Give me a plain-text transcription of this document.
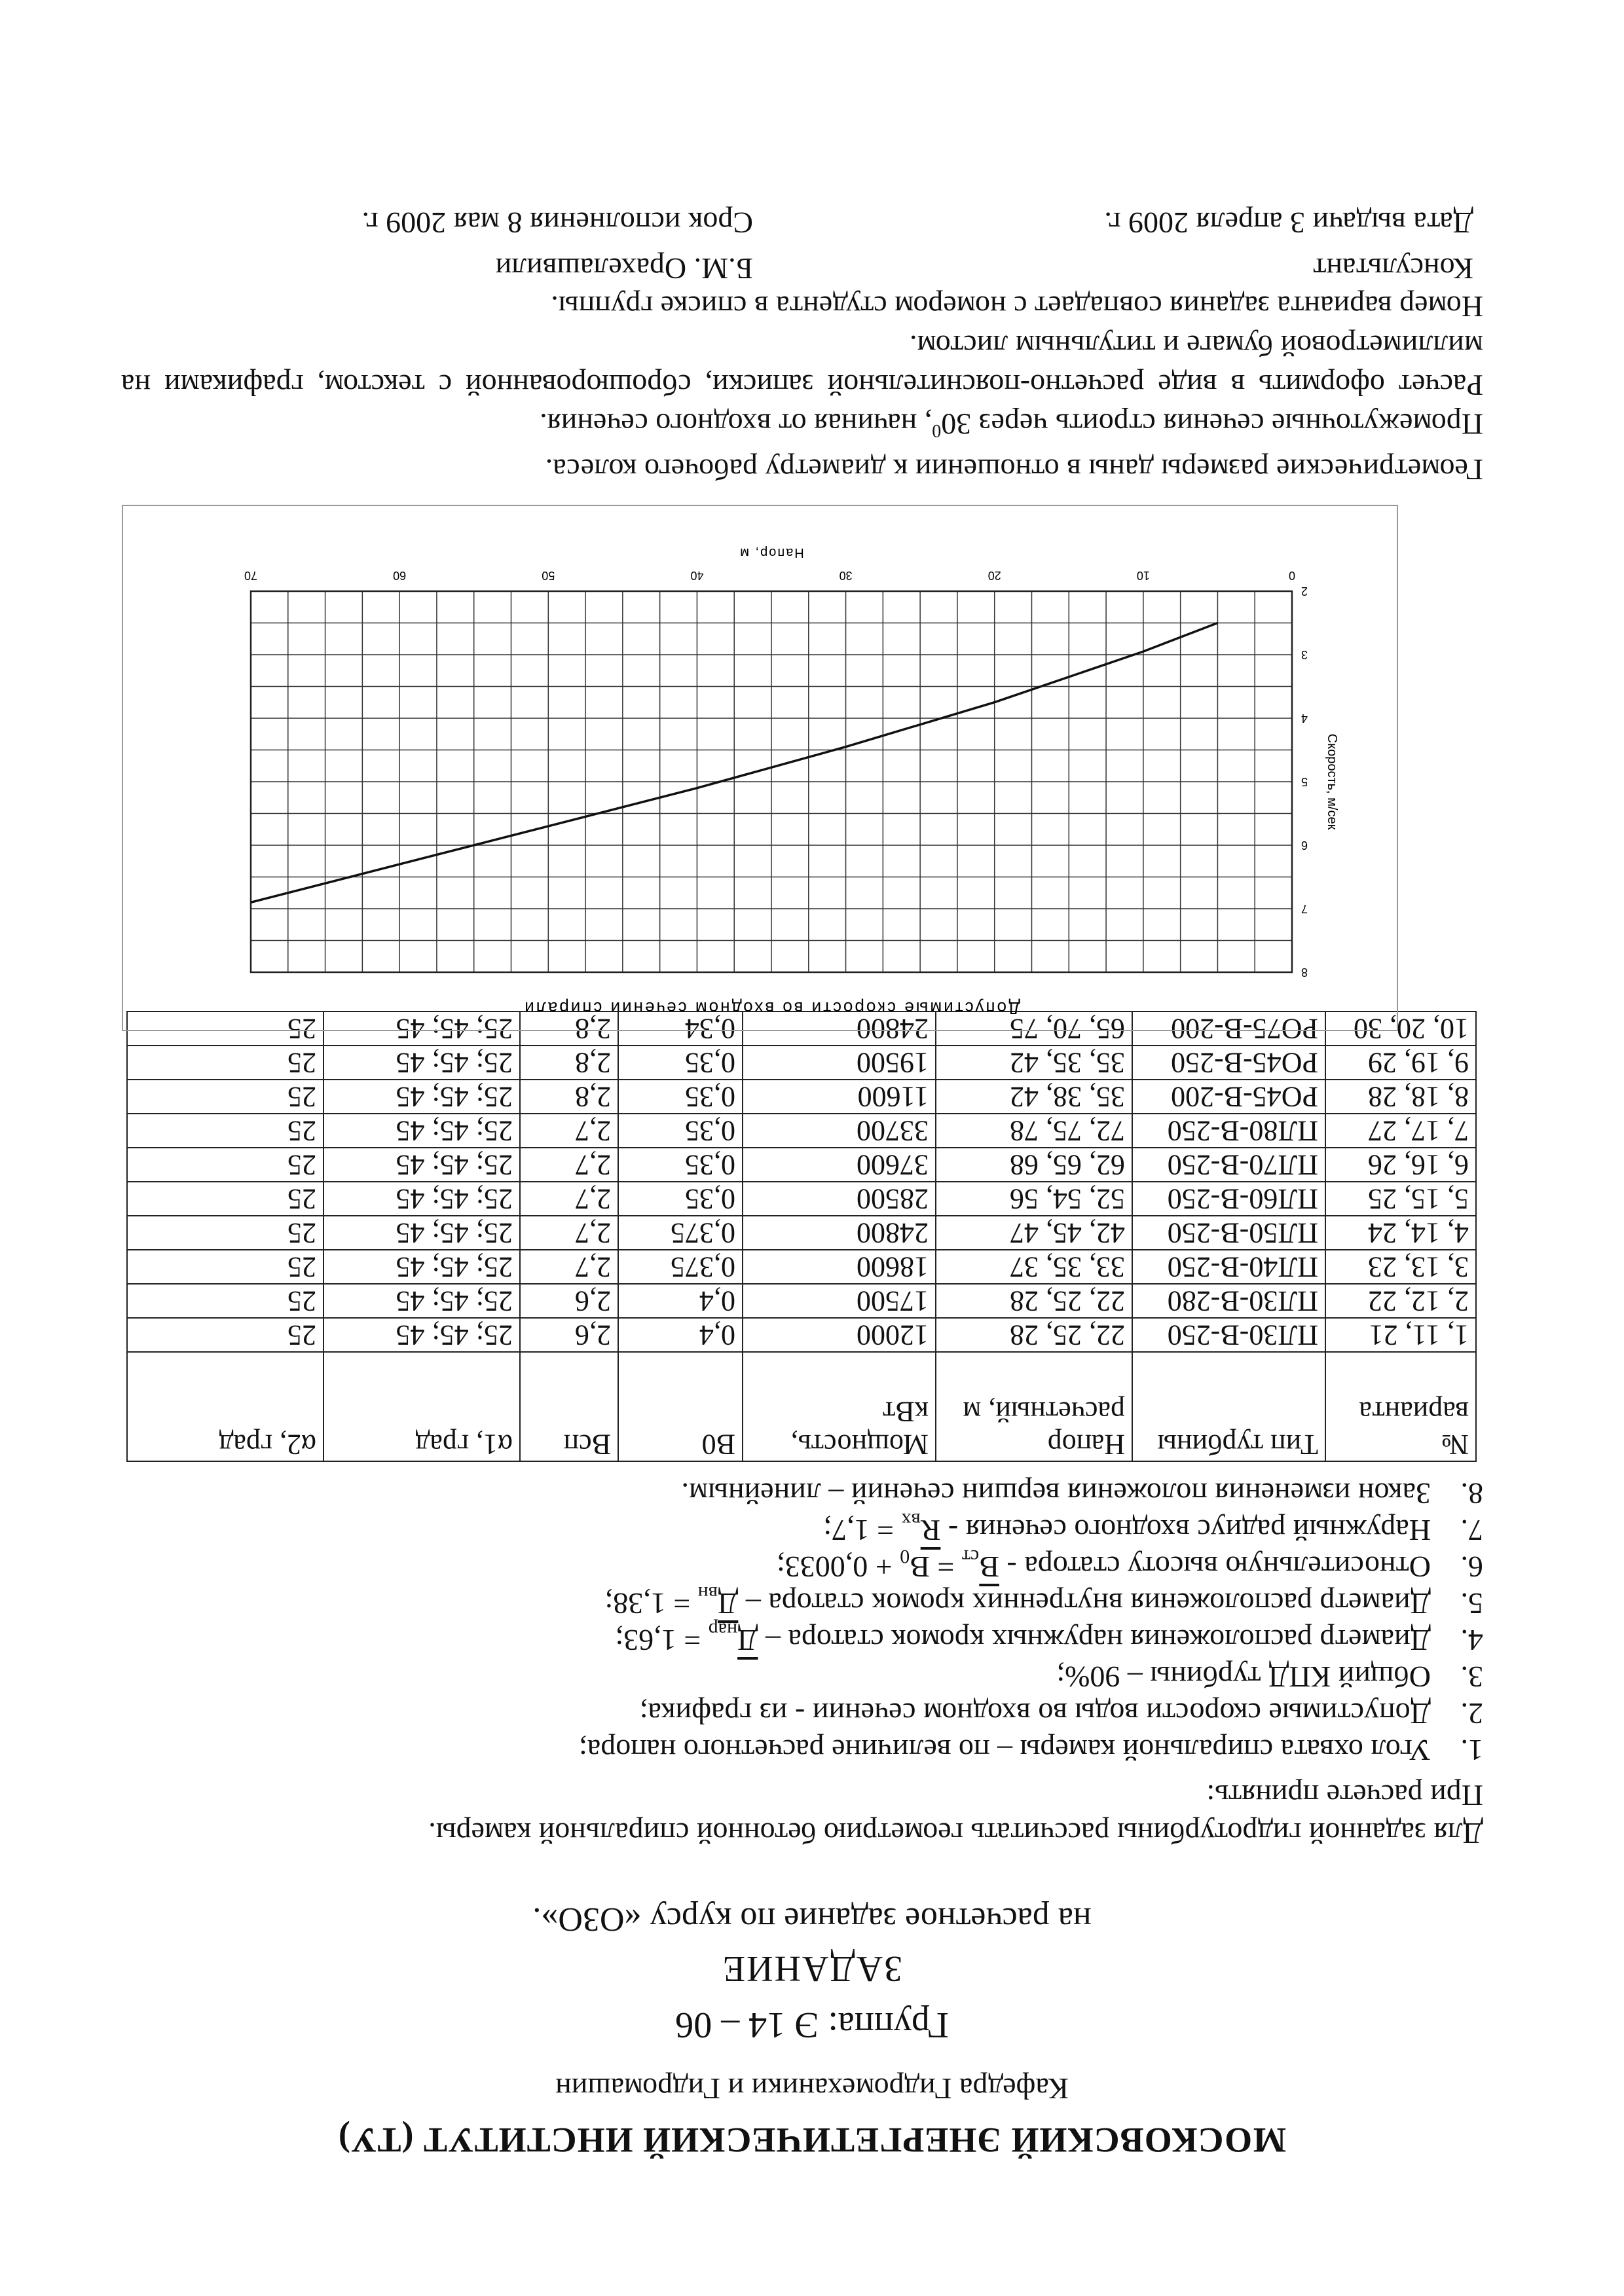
МОСКОВСКИЙ ЭНЕРГЕТИЧЕСКИЙ ИНСТИТУТ (ТУ)
Кафедра Гидромеханики и Гидромашин
Группа: Э 14 – 06
ЗАДАНИЕ
на расчетное задание по курсу «ОЗО».
Для заданной гидротурбины рассчитать геометрию бетонной спиральной камеры.
При расчете принять:
1.Угол охвата спиральной камеры – по величине расчетного напора;
2.Допустимые скорости воды во входном сечении - из графика;
3.Общий КПД турбины – 90%;
4.Диаметр расположения наружных кромок статора – $Д_{нар} = 1,63$;
5.Диаметр расположения внутренних кромок статора – $Д_{вн} = 1,38$;
6.Относительную высоту статора - $\overline{B}_{ст} = B_0 + 0,0033$;
7.Наружный радиус входного сечения - $\overline{R}_{вх} = 1,7$;
8.Закон изменения положения вершин сечений – линейным.
№ варианта	Тип турбины	Напор расчетный, м	Мощность, кВт	B0	Bсп	α1, град	α2, град
1, 11, 21	ПЛ30-В-250	22, 25, 28	12000	0,4	2,6	25; 45; 45	25
2, 12, 22	ПЛ30-В-280	22, 25, 28	17500	0,4	2,6	25; 45; 45	25
3, 13, 23	ПЛ40-В-250	33, 35, 37	18600	0,375	2,7	25; 45; 45	25
4, 14, 24	ПЛ50-В-250	42, 45, 47	24800	0,375	2,7	25; 45; 45	25
5, 15, 25	ПЛ60-В-250	52, 54, 56	28500	0,35	2,7	25; 45; 45	25
6, 16, 26	ПЛ70-В-250	62, 65, 68	37600	0,35	2,7	25; 45; 45	25
7, 17, 27	ПЛ80-В-250	72, 75, 78	33700	0,35	2,7	25; 45; 45	25
8, 18, 28	PO45-B-200	35, 38, 42	11600	0,35	2,8	25; 45; 45	25
9, 19, 29	PO45-B-250	35, 35, 42	19500	0,35	2,8	25; 45; 45	25
10, 20, 30	PO75-B-200	65, 70, 75	24800	0,34	2,8	25; 45; 45	25
0
10
20
30
40
50
60
70
2
3
4
5
6
7
8
Допустимые скорости во входном сечении спирали
Напор, м
Скорость, м/сек

Геометрические размеры даны в отношении к диаметру рабочего колеса.

Промежуточные сечения строить через $30^0$, начиная от входного сечения.

Расчет оформить в виде расчетно-пояснительной записки, сброшюрованной с текстом, графиками на миллиметровой бумаге и титульным листом.

Номер варианта задания совпадает с номером студента в списке группы.

Консультант
Б.М. Орахелашвили
Дата выдачи 3 апреля 2009 г.
Срок исполнения 8 мая 2009 г.
